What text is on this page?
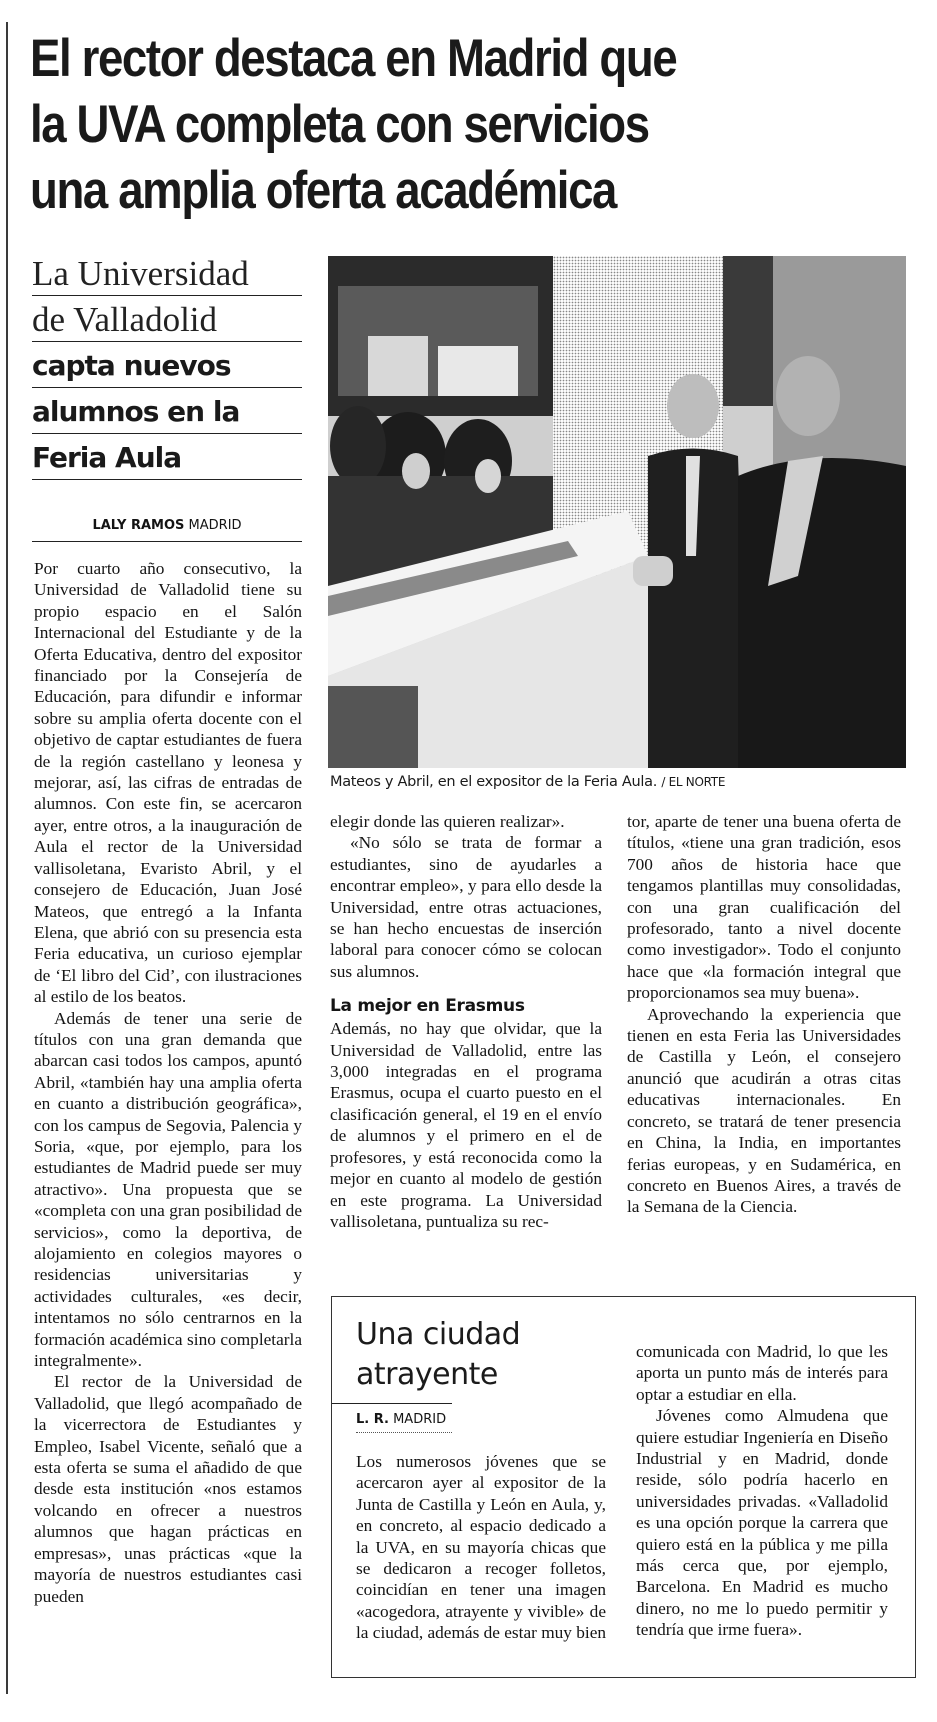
El rector destaca en Madrid que
la UVA completa con servicios
una amplia oferta académica
La Universidad
de Valladolid
capta nuevos
alumnos en la
Feria Aula
LALY RAMOS MADRID

Por cuarto año consecutivo, la Universidad de Valladolid tiene su propio espacio en el Salón Internacional del Estudiante y de la Oferta Educativa, dentro del expositor financiado por la Consejería de Educación, para difundir e informar sobre su amplia oferta docente con el objetivo de captar estudiantes de fuera de la región castellano y leonesa y mejorar, así, las cifras de entradas de alumnos. Con este fin, se acercaron ayer, entre otros, a la inauguración de Aula el rector de la Universidad vallisoletana, Evaristo Abril, y el consejero de Educación, Juan José Mateos, que entregó a la Infanta Elena, que abrió con su presencia esta Feria educativa, un curioso ejemplar de ‘El libro del Cid’, con ilustraciones al estilo de los beatos.

Además de tener una serie de títulos con una gran demanda que abarcan casi todos los campos, apuntó Abril, «también hay una amplia oferta en cuanto a distribución geográfica», con los campus de Segovia, Palencia y Soria, «que, por ejemplo, para los estudiantes de Madrid puede ser muy atractivo». Una propuesta que se «completa con una gran posibilidad de servicios», como la deportiva, de alojamiento en colegios mayores o residencias universitarias y actividades culturales, «es decir, intentamos no sólo centrarnos en la formación académica sino completarla integralmente».

El rector de la Universidad de Valladolid, que llegó acompañado de la vicerrectora de Estudiantes y Empleo, Isabel Vicente, señaló que a esta oferta se suma el añadido de que desde esta institución «nos estamos volcando en ofrecer a nuestros alumnos que hagan prácticas en empresas», unas prácticas «que la mayoría de nuestros estudiantes casi pueden

Mateos y Abril, en el expositor de la Feria Aula. / EL NORTE

elegir donde las quieren realizar».

«No sólo se trata de formar a estudiantes, sino de ayudarles a encontrar empleo», y para ello desde la Universidad, entre otras actuaciones, se han hecho encuestas de inserción laboral para conocer cómo se colocan sus alumnos.

La mejor en Erasmus

Además, no hay que olvidar, que la Universidad de Valladolid, entre las 3,000 integradas en el programa Erasmus, ocupa el cuarto puesto en el clasificación general, el 19 en el envío de alumnos y el primero en el de profesores, y está reconocida como la mejor en cuanto al modelo de gestión en este programa. La Universidad vallisoletana, puntualiza su rec-

tor, aparte de tener una buena oferta de títulos, «tiene una gran tradición, esos 700 años de historia hace que tengamos plantillas muy consolidadas, con una gran cualificación del profesorado, tanto a nivel docente como investigador». Todo el conjunto hace que «la formación integral que proporcionamos sea muy buena».

Aprovechando la experiencia que tienen en esta Feria las Universidades de Castilla y León, el consejero anunció que acudirán a otras citas educativas internacionales. En concreto, se tratará de tener presencia en China, la India, en importantes ferias europeas, y en Sudamérica, en concreto en Buenos Aires, a través de la Semana de la Ciencia.

Una ciudad
atrayente
L. R. MADRID

Los numerosos jóvenes que se acercaron ayer al expositor de la Junta de Castilla y León en Aula, y, en concreto, al espacio dedicado a la UVA, en su mayoría chicas que se dedicaron a recoger folletos, coincidían en tener una imagen «acogedora, atrayente y vivible» de la ciudad, además de estar muy bien

comunicada con Madrid, lo que les aporta un punto más de interés para optar a estudiar en ella.

Jóvenes como Almudena que quiere estudiar Ingeniería en Diseño Industrial y en Madrid, donde reside, sólo podría hacerlo en universidades privadas. «Valladolid es una opción porque la carrera que quiero está en la pública y me pilla más cerca que, por ejemplo, Barcelona. En Madrid es mucho dinero, no me lo puedo permitir y tendría que irme fuera».
